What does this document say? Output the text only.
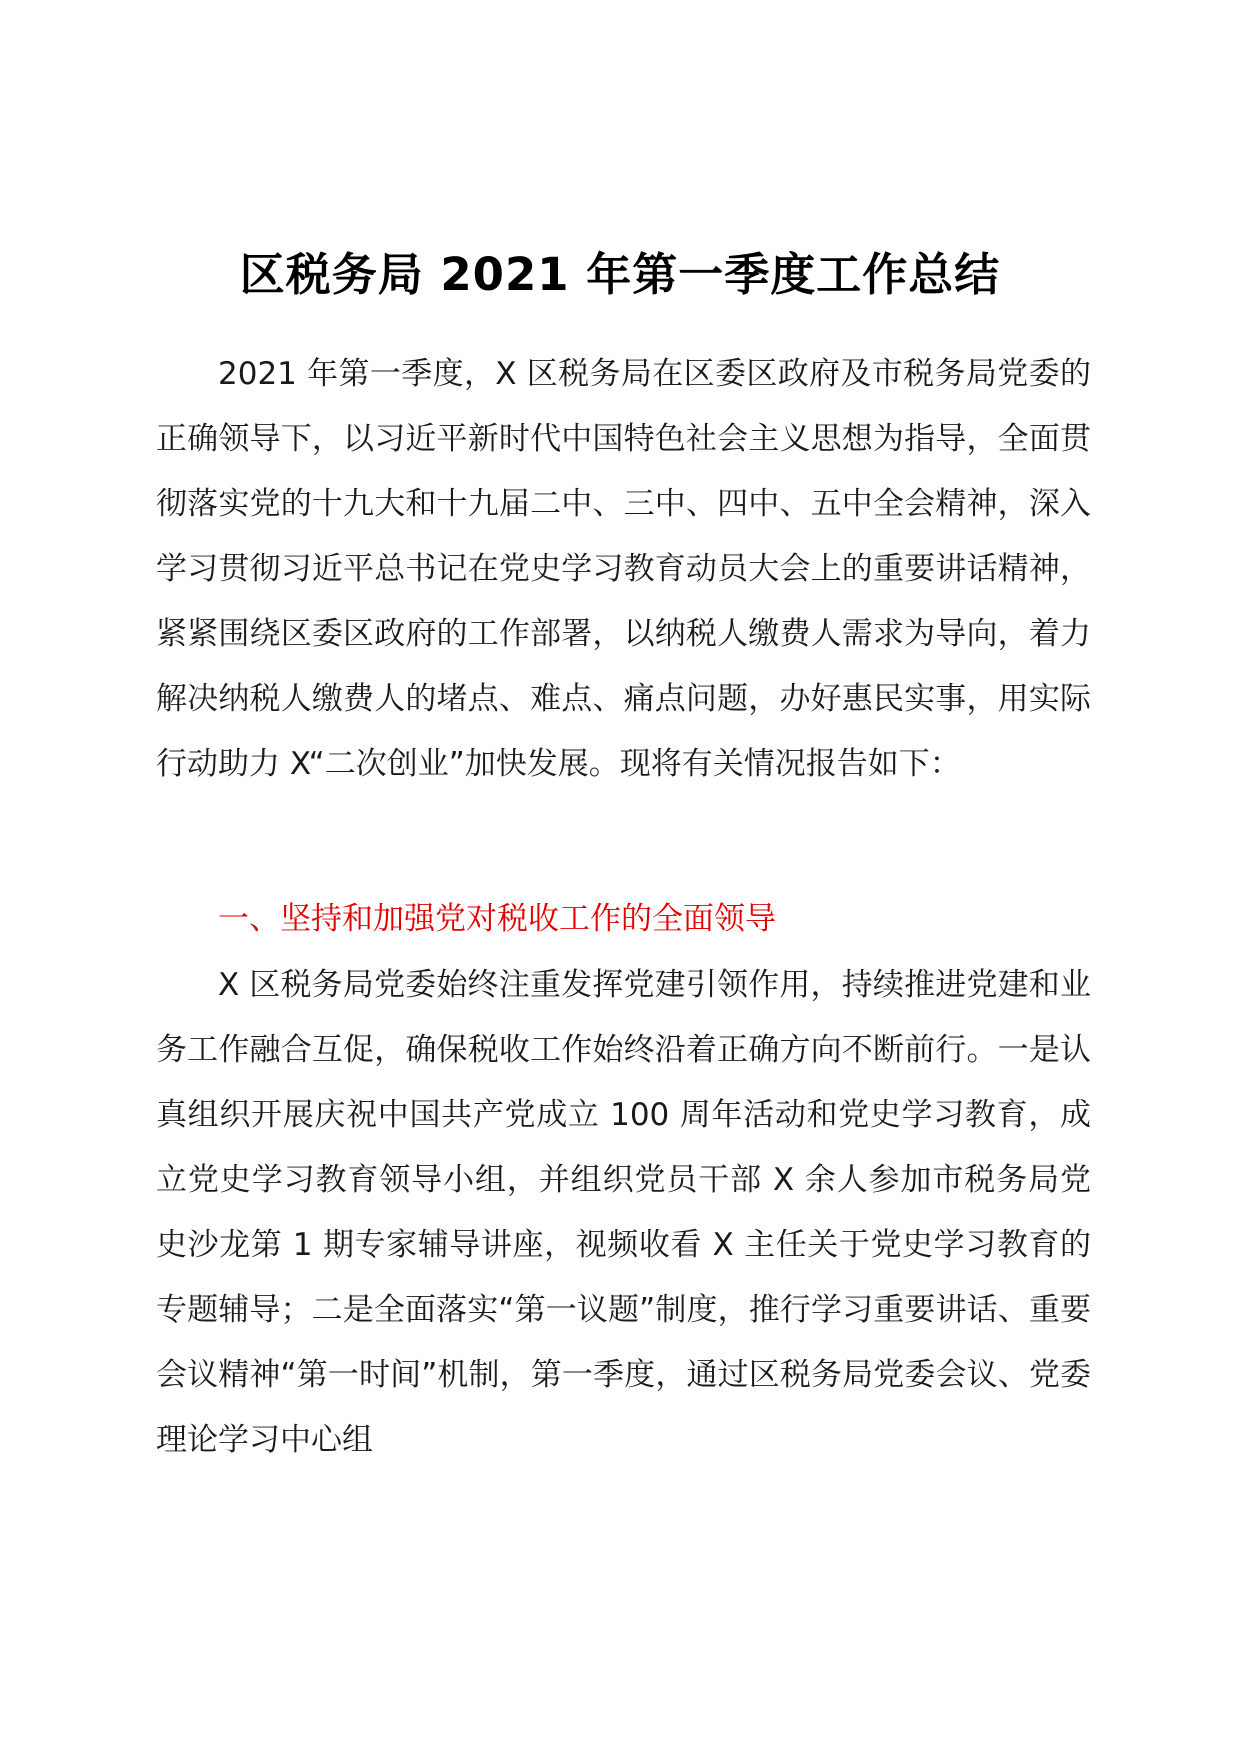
区税务局 2021 年第一季度工作总结

2021 年第一季度，X 区税务局在区委区政府及市税务局党委的正确领导下，以习近平新时代中国特色社会主义思想为指导，全面贯彻落实党的十九大和十九届二中、三中、四中、五中全会精神，深入学习贯彻习近平总书记在党史学习教育动员大会上的重要讲话精神，紧紧围绕区委区政府的工作部署，以纳税人缴费人需求为导向，着力解决纳税人缴费人的堵点、难点、痛点问题，办好惠民实事，用实际行动助力 X“二次创业”加快发展。现将有关情况报告如下：

一、坚持和加强党对税收工作的全面领导

X 区税务局党委始终注重发挥党建引领作用，持续推进党建和业务工作融合互促，确保税收工作始终沿着正确方向不断前行。一是认真组织开展庆祝中国共产党成立 100 周年活动和党史学习教育，成立党史学习教育领导小组，并组织党员干部 X 余人参加市税务局党史沙龙第 1 期专家辅导讲座，视频收看 X 主任关于党史学习教育的专题辅导；二是全面落实“第一议题”制度，推行学习重要讲话、重要会议精神“第一时间”机制，第一季度，通过区税务局党委会议、党委理论学习中心组
